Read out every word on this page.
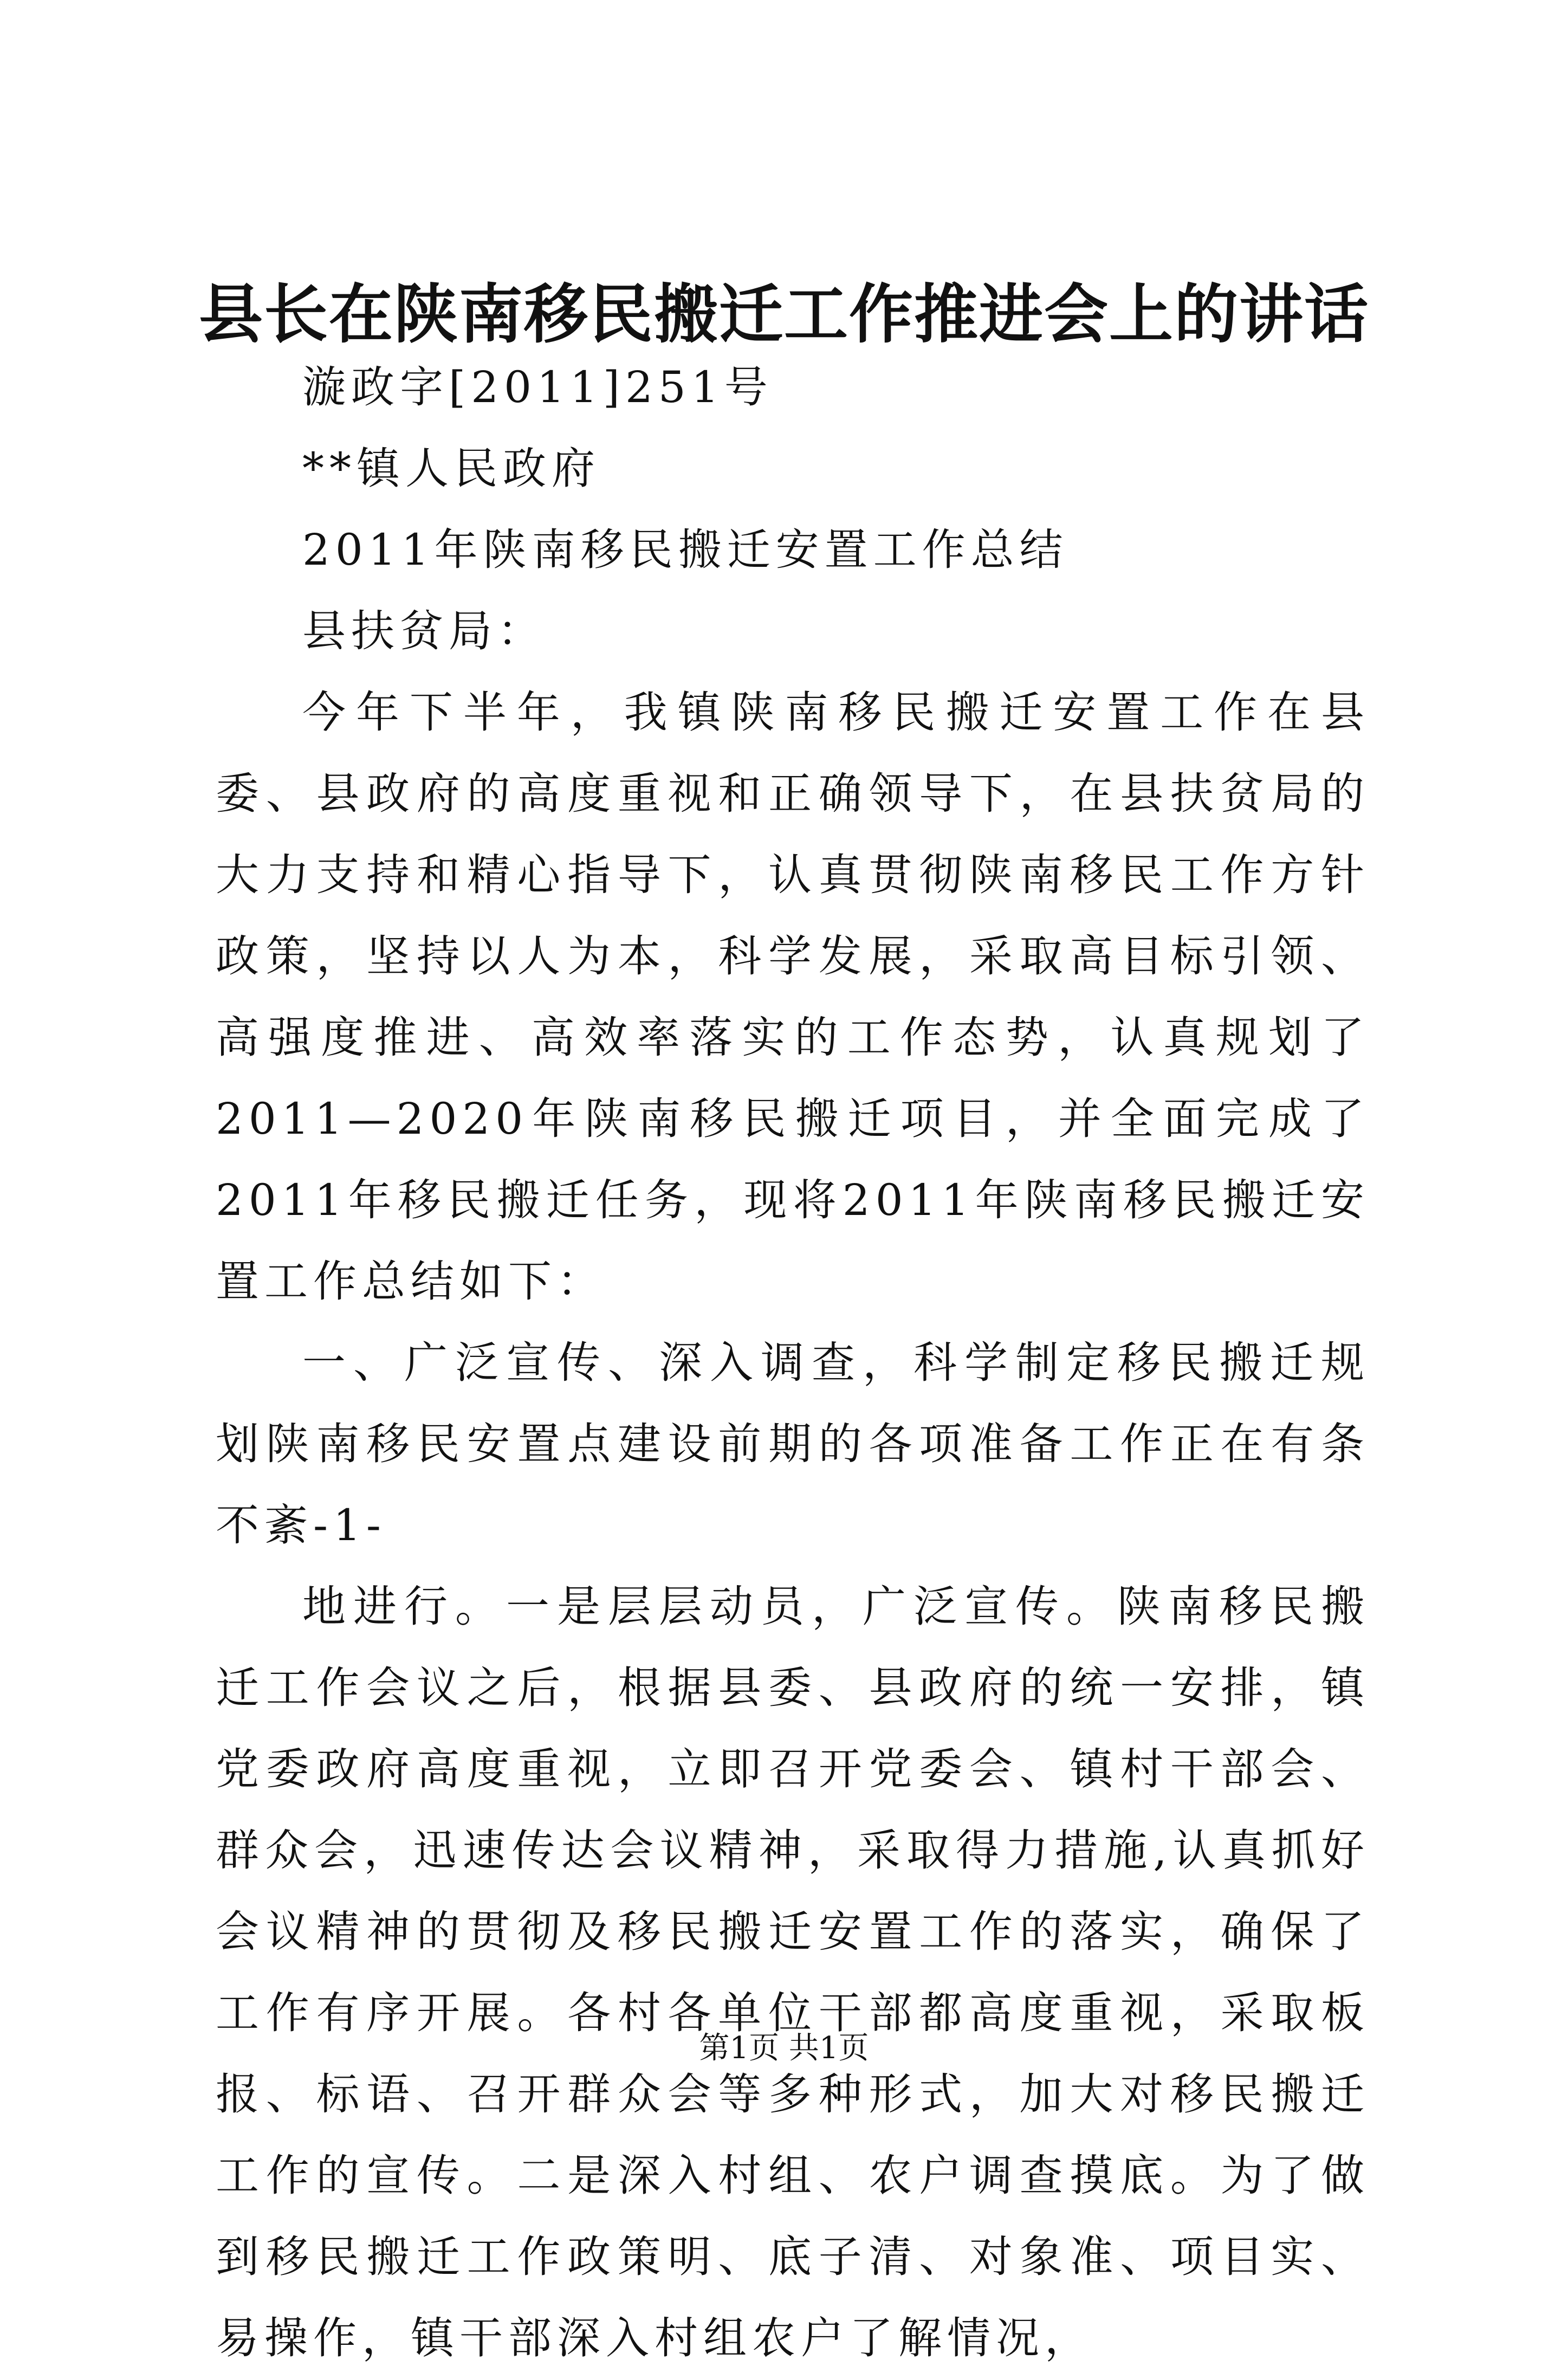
县长在陕南移民搬迁工作推进会上的讲话
漩政字[2011]251号
**镇人民政府
2011年陕南移民搬迁安置工作总结
县扶贫局：

今年下半年，我镇陕南移民搬迁安置工作在县委、县政府的高度重视和正确领导下，在县扶贫局的大力支持和精心指导下，认真贯彻陕南移民工作方针政策，坚持以人为本，科学发展，采取高目标引领、高强度推进、高效率落实的工作态势，认真规划了2011—2020年陕南移民搬迁项目，并全面完成了2011年移民搬迁任务，现将2011年陕南移民搬迁安置工作总结如下：

一、广泛宣传、深入调查，科学制定移民搬迁规划陕南移民安置点建设前期的各项准备工作正在有条不紊-1-

地进行。一是层层动员，广泛宣传。陕南移民搬迁工作会议之后，根据县委、县政府的统一安排，镇党委政府高度重视，立即召开党委会、镇村干部会、群众会，迅速传达会议精神，采取得力措施,认真抓好会议精神的贯彻及移民搬迁安置工作的落实，确保了工作有序开展。各村各单位干部都高度重视，采取板报、标语、召开群众会等多种形式，加大对移民搬迁工作的宣传。二是深入村组、农户调查摸底。为了做到移民搬迁工作政策明、底子清、对象准、项目实、易操作，镇干部深入村组农户了解情况，

第1页 共1页
